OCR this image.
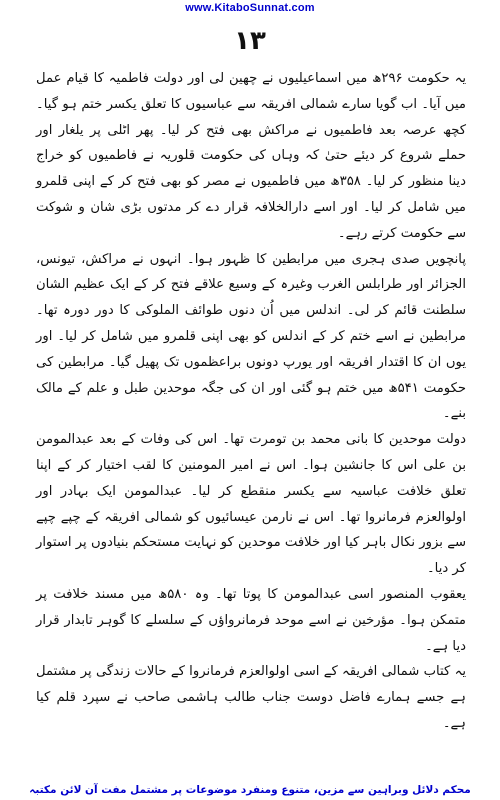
www.KitaboSunnat.com
۱۳

یہ حکومت ۲۹۶ھ میں اسماعیلیوں نے چھین لی اور دولت فاطمیہ کا قیام عمل میں آیا۔ اب گویا سارے شمالی افریقہ سے عباسیوں کا تعلق یکسر ختم ہو گیا۔ کچھ عرصہ بعد فاطمیوں نے مراکش بھی فتح کر لیا۔ پھر اٹلی پر یلغار اور حملے شروع کر دیئے حتیٰ کہ وہاں کی حکومت قلوریہ نے فاطمیوں کو خراج دینا منظور کر لیا۔ ۳۵۸ھ میں فاطمیوں نے مصر کو بھی فتح کر کے اپنی قلمرو میں شامل کر لیا۔ اور اسے دارالخلافہ قرار دے کر مدتوں بڑی شان و شوکت سے حکومت کرتے رہے۔

پانچویں صدی ہجری میں مرابطین کا ظہور ہوا۔ انہوں نے مراکش، تیونس، الجزائر اور طرابلس الغرب وغیرہ کے وسیع علاقے فتح کر کے ایک عظیم الشان سلطنت قائم کر لی۔ اندلس میں اُن دنوں طوائف الملوکی کا دور دورہ تھا۔ مرابطین نے اسے ختم کر کے اندلس کو بھی اپنی قلمرو میں شامل کر لیا۔ اور یوں ان کا اقتدار افریقہ اور یورپ دونوں براعظموں تک پھیل گیا۔ مرابطین کی حکومت ۵۴۱ھ میں ختم ہو گئی اور ان کی جگہ موحدین طبل و علم کے مالک بنے۔

دولت موحدین کا بانی محمد بن تومرت تھا۔ اس کی وفات کے بعد عبدالمومن بن علی اس کا جانشین ہوا۔ اس نے امیر المومنین کا لقب اختیار کر کے اپنا تعلق خلافت عباسیہ سے یکسر منقطع کر لیا۔ عبدالمومن ایک بہادر اور اولوالعزم فرمانروا تھا۔ اس نے نارمن عیسائیوں کو شمالی افریقہ کے چپے چپے سے بزور نکال باہر کیا اور خلافت موحدین کو نہایت مستحکم بنیادوں پر استوار کر دیا۔

یعقوب المنصور اسی عبدالمومن کا پوتا تھا۔ وہ ۵۸۰ھ میں مسند خلافت پر متمکن ہوا۔ مؤرخین نے اسے موحد فرمانرواؤں کے سلسلے کا گوہر تابدار قرار دیا ہے۔

یہ کتاب شمالی افریقہ کے اسی اولوالعزم فرمانروا کے حالات زندگی پر مشتمل ہے جسے ہمارے فاضل دوست جناب طالب ہاشمی صاحب نے سپرد قلم کیا ہے۔

محکم دلائل وبراہین سے مزین، متنوع ومنفرد موضوعات پر مشتمل مفت آن لائن مکتبہ
